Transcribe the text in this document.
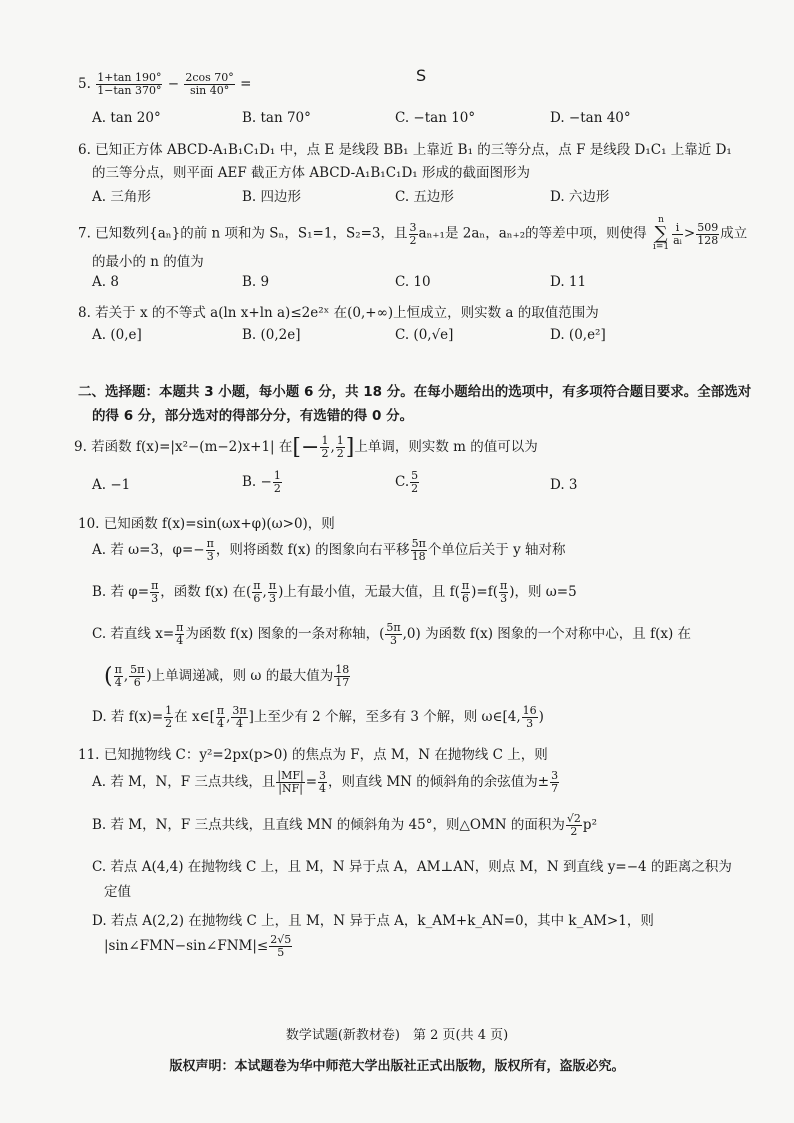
S
5. $\frac{1+\tan 190^\circ}{1-\tan 370^\circ} - \frac{2\cos 70^\circ}{\sin 40^\circ}$ =
A. tan 20°	B. tan 70°	C. −tan 10°	D. −tan 40°
6. 已知正方体 ABCD-A₁B₁C₁D₁ 中，点 E 是线段 BB₁ 上靠近 B₁ 的三等分点，点 F 是线段 D₁C₁ 上靠近 D₁
的三等分点，则平面 AEF 截正方体 ABCD-A₁B₁C₁D₁ 形成的截面图形为
A. 三角形	B. 四边形	C. 五边形	D. 六边形
7. 已知数列{aₙ}的前 n 项和为 Sₙ，S₁=1，S₂=3，且 $\frac{3}{2} a_{n+1}$是 2aₙ，aₙ₊₂的等差中项，则使得 n
∑
i=1
$\frac{i}{\text{aᵢ}} > \frac{509}{128}$ 成立
的最小的 n 的值为
A. 8	B. 9	C. 10	D. 11
8. 若关于 x 的不等式 a(ln x+ln a)≤2e²ˣ 在(0,+∞)上恒成立，则实数 a 的取值范围为
A. (0,e]	B. (0,2e]	C. (0,√e]	D. (0,e²]
二、选择题：本题共 3 小题，每小题 6 分，共 18 分。在每小题给出的选项中，有多项符合题目要求。全部选对
的得 6 分，部分选对的得部分分，有选错的得 0 分。
9. 若函数 f(x)=|x²−(m−2)x+1| 在[− $\frac{1}{2}$ , $\frac{1}{2}$ ]上单调，则实数 m 的值可以为
A. −1	B. − $\frac{1}{2}$	C. $\frac{5}{2}$	D. 3
10. 已知函数 f(x)=sin(ωx+φ)(ω>0)，则
A. 若 ω=3，$\varphi=- \frac{\pi}{3}$ ，则将函数 f(x) 的图象向右平移 $\frac{5\pi}{18}$ 个单位后关于 y 轴对称
B. 若 $\varphi= \frac{\pi}{3}$ ，函数 f(x) 在( $\frac{\pi}{6}$ , $\frac{\pi}{3}$ )上有最小值，无最大值，且 $f( \frac{\pi}{6} )=f( \frac{\pi}{3}$ )，则 ω=5
C. 若直线 $x= \frac{\pi}{4}$ 为函数 f(x) 图象的一条对称轴，( $\frac{5\pi}{3} ,0$) 为函数 f(x) 图象的一个对称中心，且 f(x) 在
( $\frac{\pi}{4}$ , $\frac{5\pi}{6}$ )上单调递减，则 ω 的最大值为 $\frac{18}{17}$
D. 若 $f(x)= \frac{1}{2}$ 在 x∈[ $\frac{\pi}{4}$ , $\frac{3\pi}{4}$ ]上至少有 2 个解，至多有 3 个解，则 ω∈[4, $\frac{16}{3}$ )
11. 已知抛物线 C：y²=2px(p>0) 的焦点为 F，点 M，N 在抛物线 C 上，则
A. 若 M，N，F 三点共线，且 $\frac{|MF|}{|NF|} = \frac{3}{4}$ ，则直线 MN 的倾斜角的余弦值为± $\frac{3}{7}$
B. 若 M，N，F 三点共线，且直线 MN 的倾斜角为 45°，则△OMN 的面积为 $\frac{√2}{2} p^2$
C. 若点 A(4,4) 在抛物线 C 上，且 M，N 异于点 A，AM⊥AN，则点 M，N 到直线 y=−4 的距离之积为
定值
D. 若点 A(2,2) 在抛物线 C 上，且 M，N 异于点 A，k_AM+k_AN=0，其中 k_AM>1，则
|sin∠FMN−sin∠FNM|≤ $\frac{2√5}{5}$
数学试题(新教材卷)　第 2 页(共 4 页)
版权声明：本试题卷为华中师范大学出版社正式出版物，版权所有，盗版必究。
